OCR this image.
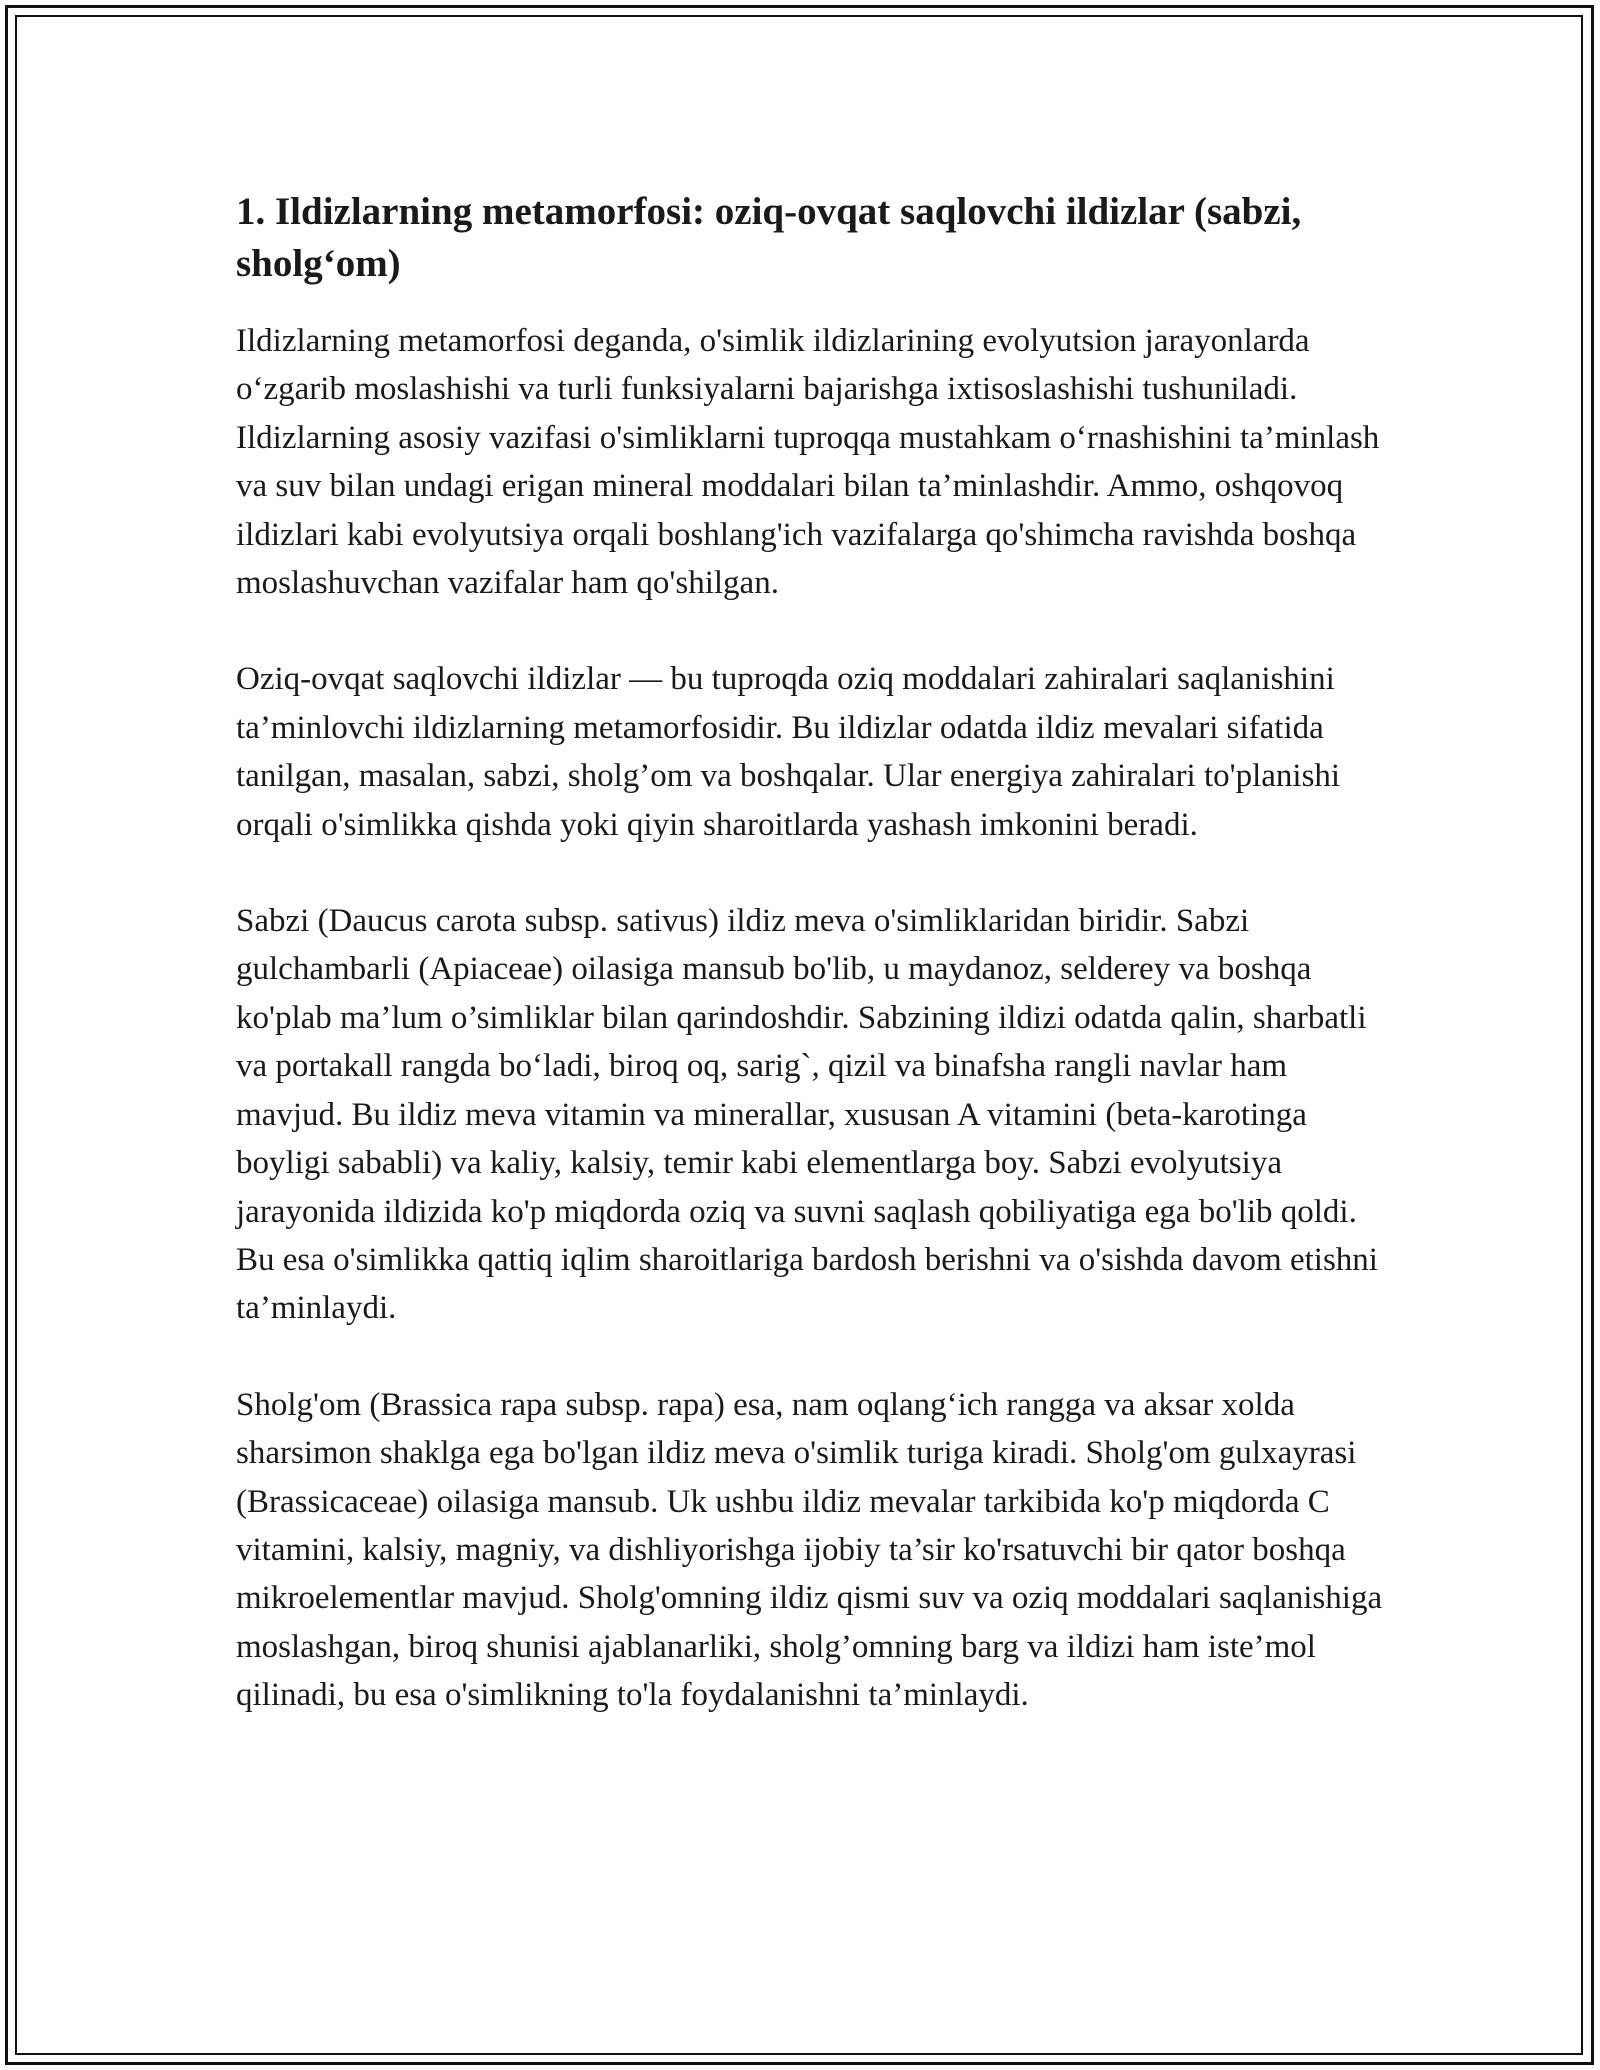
1. Ildizlarning metamorfosi: oziq-ovqat saqlovchi ildizlar (sabzi, sholg‘om)

Ildizlarning metamorfosi deganda, o'simlik ildizlarining evolyutsion jarayonlarda o‘zgarib moslashishi va turli funksiyalarni bajarishga ixtisoslashishi tushuniladi. Ildizlarning asosiy vazifasi o'simliklarni tuproqqa mustahkam o‘rnashishini ta’minlash va suv bilan undagi erigan mineral moddalari bilan ta’minlashdir. Ammo, oshqovoq ildizlari kabi evolyutsiya orqali boshlang'ich vazifalarga qo'shimcha ravishda boshqa moslashuvchan vazifalar ham qo'shilgan.

Oziq-ovqat saqlovchi ildizlar — bu tuproqda oziq moddalari zahiralari saqlanishini ta’minlovchi ildizlarning metamorfosidir. Bu ildizlar odatda ildiz mevalari sifatida tanilgan, masalan, sabzi, sholg’om va boshqalar. Ular energiya zahiralari to'planishi orqali o'simlikka qishda yoki qiyin sharoitlarda yashash imkonini beradi.

Sabzi (Daucus carota subsp. sativus) ildiz meva o'simliklaridan biridir. Sabzi gulchambarli (Apiaceae) oilasiga mansub bo'lib, u maydanoz, selderey va boshqa ko'plab ma’lum o’simliklar bilan qarindoshdir. Sabzining ildizi odatda qalin, sharbatli va portakall rangda bo‘ladi, biroq oq, sarig`, qizil va binafsha rangli navlar ham mavjud. Bu ildiz meva vitamin va minerallar, xususan A vitamini (beta-karotinga boyligi sababli) va kaliy, kalsiy, temir kabi elementlarga boy. Sabzi evolyutsiya jarayonida ildizida ko'p miqdorda oziq va suvni saqlash qobiliyatiga ega bo'lib qoldi. Bu esa o'simlikka qattiq iqlim sharoitlariga bardosh berishni va o'sishda davom etishni ta’minlaydi.

Sholg'om (Brassica rapa subsp. rapa) esa, nam oqlang‘ich rangga va aksar xolda sharsimon shaklga ega bo'lgan ildiz meva o'simlik turiga kiradi. Sholg'om gulxayrasi (Brassicaceae) oilasiga mansub. Uk ushbu ildiz mevalar tarkibida ko'p miqdorda C vitamini, kalsiy, magniy, va dishliyorishga ijobiy ta’sir ko'rsatuvchi bir qator boshqa mikroelementlar mavjud. Sholg'omning ildiz qismi suv va oziq moddalari saqlanishiga moslashgan, biroq shunisi ajablanarliki, sholg’omning barg va ildizi ham iste’mol qilinadi, bu esa o'simlikning to'la foydalanishni ta’minlaydi.
